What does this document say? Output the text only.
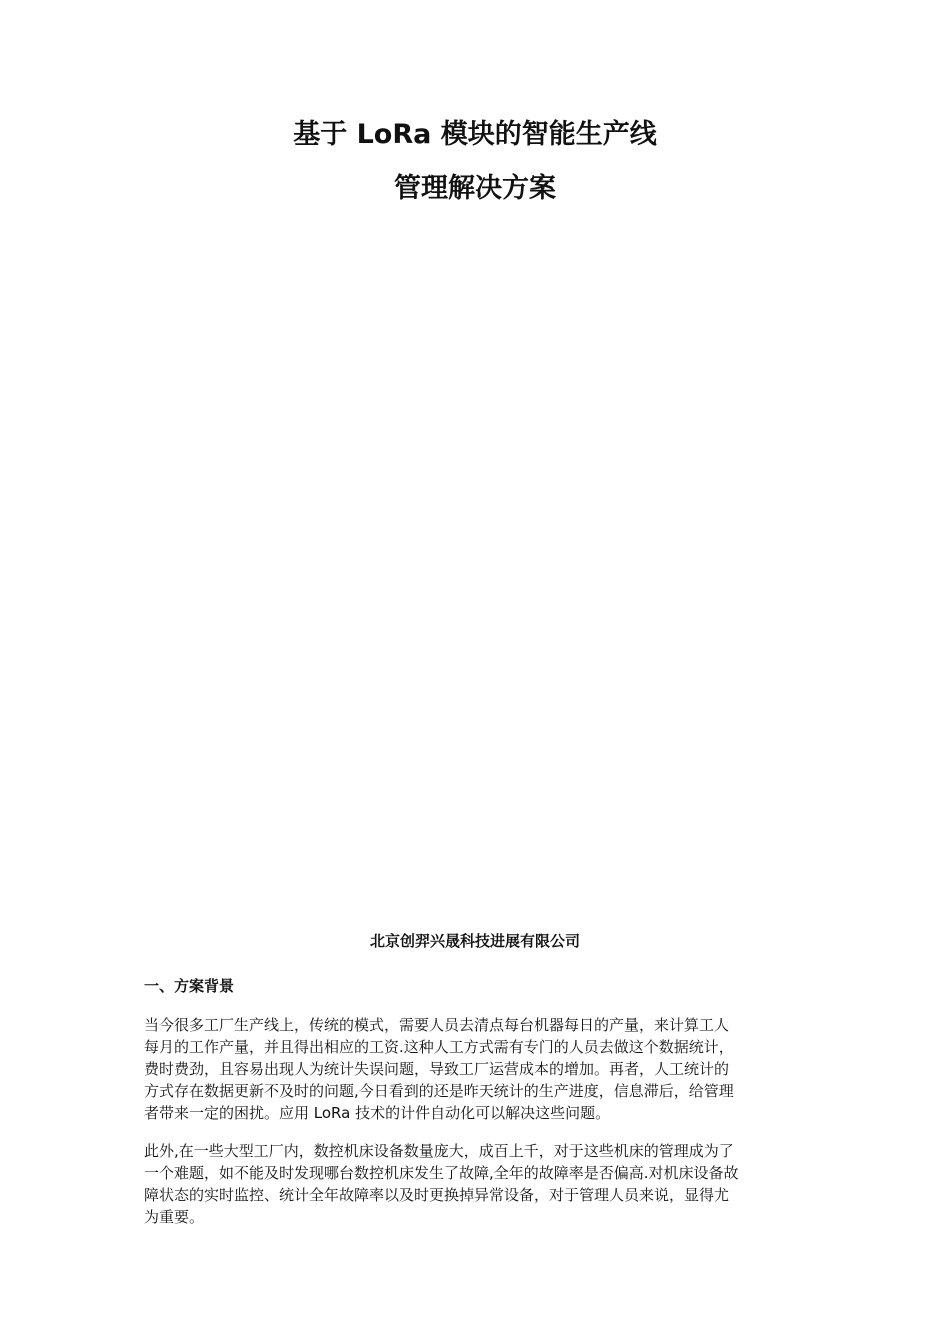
基于 LoRa 模块的智能生产线
管理解决方案

北京创羿兴晟科技进展有限公司

一、方案背景

当今很多工厂生产线上，传统的模式，需要人员去清点每台机器每日的产量，来计算工人
每月的工作产量，并且得出相应的工资.这种人工方式需有专门的人员去做这个数据统计，
费时费劲，且容易出现人为统计失误问题，导致工厂运营成本的增加。再者，人工统计的
方式存在数据更新不及时的问题,今日看到的还是昨天统计的生产进度，信息滞后，给管理
者带来一定的困扰。应用 LoRa 技术的计件自动化可以解决这些问题。

此外,在一些大型工厂内，数控机床设备数量庞大，成百上千，对于这些机床的管理成为了
一个难题，如不能及时发现哪台数控机床发生了故障,全年的故障率是否偏高.对机床设备故
障状态的实时监控、统计全年故障率以及时更换掉异常设备，对于管理人员来说，显得尤
为重要。
